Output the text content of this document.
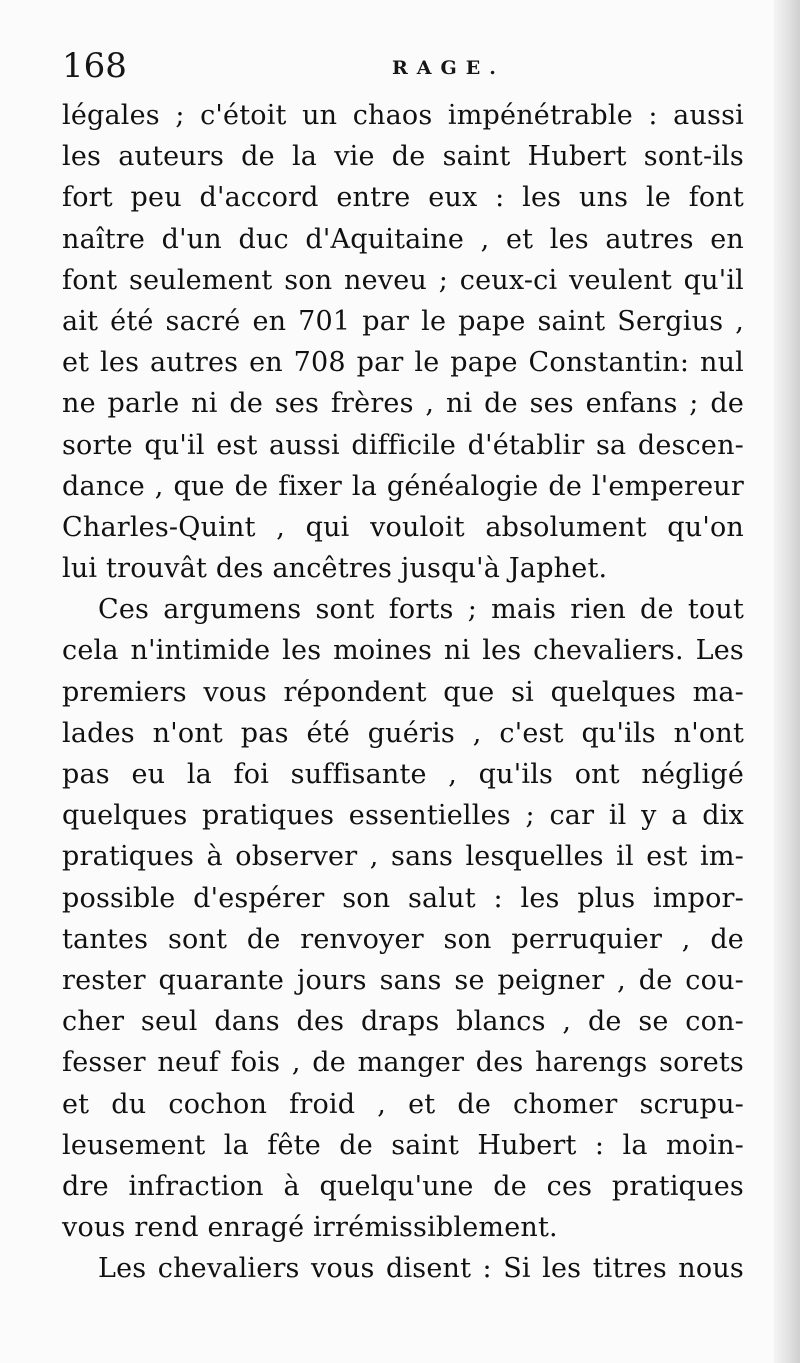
168	RAGE.
légales ; c'étoit un chaos impénétrable : aussi
les auteurs de la vie de saint Hubert sont-ils
fort peu d'accord entre eux : les uns le font
naître d'un duc d'Aquitaine , et les autres en
font seulement son neveu ; ceux-ci veulent qu'il
ait été sacré en 701 par le pape saint Sergius ,
et les autres en 708 par le pape Constantin: nul
ne parle ni de ses frères , ni de ses enfans ; de
sorte qu'il est aussi difficile d'établir sa descen-
dance , que de fixer la généalogie de l'empereur
Charles-Quint , qui vouloit absolument qu'on
lui trouvât des ancêtres jusqu'à Japhet.
Ces argumens sont forts ; mais rien de tout
cela n'intimide les moines ni les chevaliers. Les
premiers vous répondent que si quelques ma-
lades n'ont pas été guéris , c'est qu'ils n'ont
pas eu la foi suffisante , qu'ils ont négligé
quelques pratiques essentielles ; car il y a dix
pratiques à observer , sans lesquelles il est im-
possible d'espérer son salut : les plus impor-
tantes sont de renvoyer son perruquier , de
rester quarante jours sans se peigner , de cou-
cher seul dans des draps blancs , de se con-
fesser neuf fois , de manger des harengs sorets
et du cochon froid , et de chomer scrupu-
leusement la fête de saint Hubert : la moin-
dre infraction à quelqu'une de ces pratiques
vous rend enragé irrémissiblement.
Les chevaliers vous disent : Si les titres nous
